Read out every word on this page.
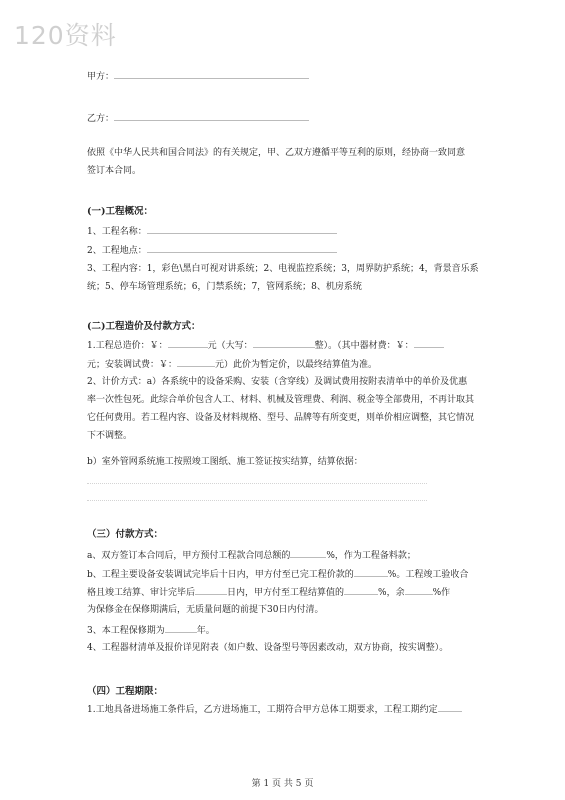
120资料
甲方：
乙方：
依照《中华人民共和国合同法》的有关规定，甲、乙双方遵循平等互利的原则，经协商一致同意
签订本合同。
(一)工程概况：
1、工程名称：
2、工程地点：
3、工程内容：1，彩色\黑白可视对讲系统；2、电视监控系统；3，周界防护系统；4，背景音乐系
统；5、停车场管理系统；6，门禁系统；7，管网系统；8、机房系统
(二)工程造价及付款方式：
1.工程总造价：￥：	元（大写：	整）。（其中器材费：￥：
元；安装调试费：￥：	元）此价为暂定价，以最终结算值为准。
2、计价方式：a）各系统中的设备采购、安装（含穿线）及调试费用按附表清单中的单价及优惠
率一次性包死。此综合单价包含人工、材料、机械及管理费、利润、税金等全部费用，不再计取其
它任何费用。若工程内容、设备及材料规格、型号、品牌等有所变更，则单价相应调整，其它情况
下不调整。
b）室外管网系统施工按照竣工图纸、施工签证按实结算，结算依据：
（三）付款方式：
a、双方签订本合同后，甲方预付工程款合同总额的	%，作为工程备料款；
b、工程主要设备安装调试完毕后十日内，甲方付至已完工程价款的	%。工程竣工验收合
格且竣工结算、审计完毕后	日内，甲方付至工程结算值的	%，余	%作
为保修金在保修期满后，无质量问题的前提下30日内付清。
3、本工程保修期为	年。
4、工程器材清单及报价详见附表（如户数、设备型号等因素改动，双方协商，按实调整）。
（四）工程期限：
1.工地具备进场施工条件后，乙方进场施工，工期符合甲方总体工期要求，工程工期约定
第 1 页 共 5 页
